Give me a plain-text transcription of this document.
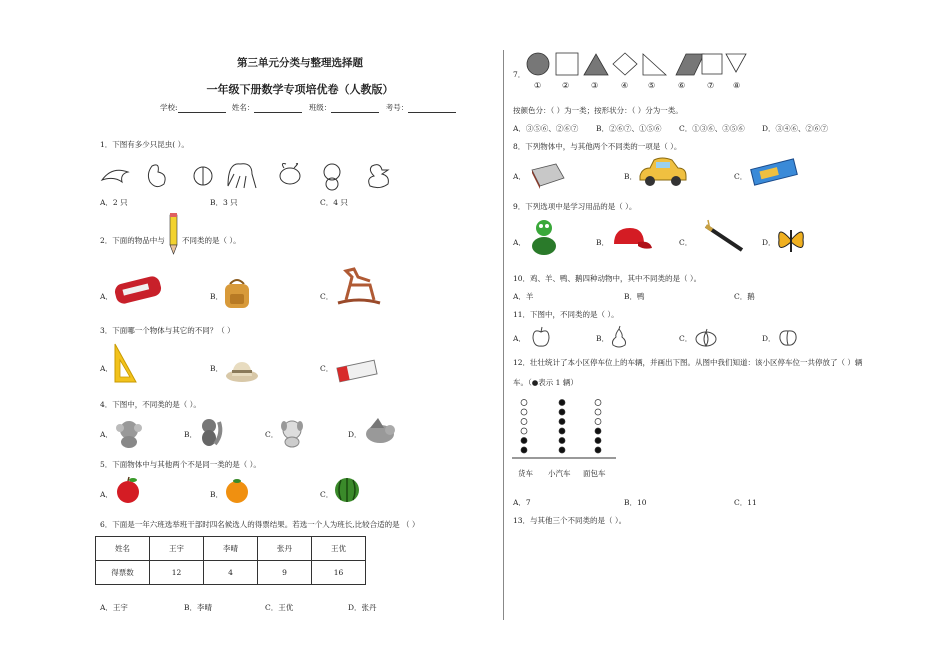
第三单元分类与整理选择题
一年级下册数学专项培优卷（人教版）
学校:	姓名：	班级：	考号：
1．下图有多少只昆虫( ）。
A．2 只	B．3 只	C．4 只
2．下面的物品中与 不同类的是（ ）。
A．	B．	C．
3．下面哪一个物体与其它的不同？（ ）
A．	B．	C．
4．下图中，不同类的是（ ）。
A．	B．	C．	D．
5．下面物体中与其他两个不是同一类的是（ ）。
A．	B．	C．
6．下面是一年六班选举班干部时四名候选人的得票结果。若选一个人为班长,比较合适的是 （ ）
姓名	王宇	李晴	张丹	王优
得票数	12	4	9	16
A．王宇	B．李晴	C．王优	D．张丹
7．
①	②	③	④ ⑤	⑥	⑦ ⑧
按颜色分：（ ）为一类；按形状分：（ ）分为一类。
A．③⑤⑥、②⑥⑦ B．②⑥⑦、①⑤⑥ C．①③⑥、③⑤⑥ D．③④⑥、②⑥⑦
8．下列物体中，与其他两个不同类的一项是（ ）。
A．	B．	C．
9．下列选项中是学习用品的是（ ）。
A．	B．	C．	D．
10．鸡、羊、鸭、鹅四种动物中，其中不同类的是（ ）。
A．羊	B．鸭	C．鹅
11．下图中，不同类的是（ ）。
A．	B．	C．	D．
12．壮壮统计了本小区停车位上的车辆，并画出下图。从图中我们知道：该小区停车位一共停放了（ ）辆
车。（●表示 1 辆）
货车 小汽车 面包车
A．7	B．10	C．11
13．与其他三个不同类的是（ ）。
